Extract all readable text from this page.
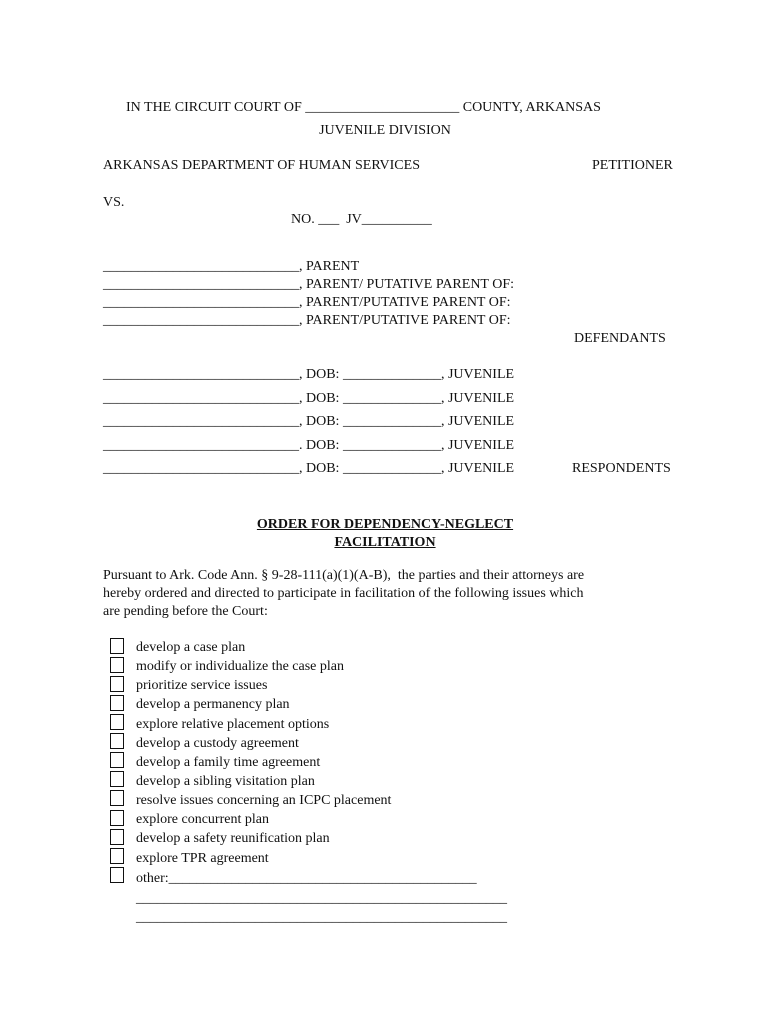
IN THE CIRCUIT COURT OF ______________________ COUNTY, ARKANSAS
JUVENILE DIVISION
ARKANSAS DEPARTMENT OF HUMAN SERVICES	PETITIONER
VS.
NO. ___  JV__________
____________________________, PARENT
____________________________, PARENT/ PUTATIVE PARENT OF:
____________________________, PARENT/PUTATIVE PARENT OF:
____________________________, PARENT/PUTATIVE PARENT OF:
DEFENDANTS
____________________________, DOB: ______________, JUVENILE
____________________________, DOB: ______________, JUVENILE
____________________________, DOB: ______________, JUVENILE
____________________________. DOB: ______________, JUVENILE
____________________________, DOB: ______________, JUVENILE	RESPONDENTS
ORDER FOR DEPENDENCY-NEGLECT
FACILITATION
Pursuant to Ark. Code Ann. § 9-28-111(a)(1)(A-B),  the parties and their attorneys are
hereby ordered and directed to participate in facilitation of the following issues which
are pending before the Court:
develop a case plan
modify or individualize the case plan
prioritize service issues
develop a permanency plan
explore relative placement options
develop a custody agreement
develop a family time agreement
develop a sibling visitation plan
resolve issues concerning an ICPC placement
explore concurrent plan
develop a safety reunification plan
explore TPR agreement
other:____________________________________________
_____________________________________________________
_____________________________________________________
